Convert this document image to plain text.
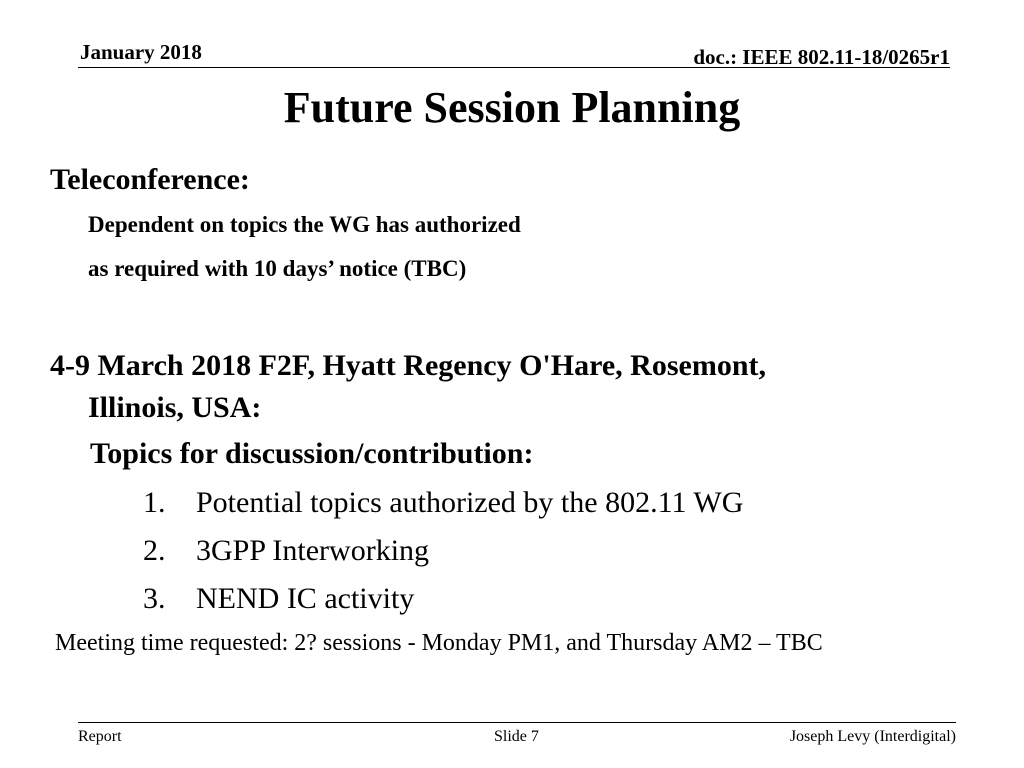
January 2018	doc.: IEEE 802.11-18/0265r1
Future Session Planning
Teleconference:
Dependent on topics the WG has authorized
as required with 10 days’ notice (TBC)
4-9 March 2018 F2F, Hyatt Regency O'Hare, Rosemont,
Illinois, USA:
Topics for discussion/contribution:
1. Potential topics authorized by the 802.11 WG
2. 3GPP Interworking
3. NEND IC activity
Meeting time requested: 2? sessions - Monday PM1, and Thursday AM2 – TBC
Report	Slide 7	Joseph Levy (Interdigital)
